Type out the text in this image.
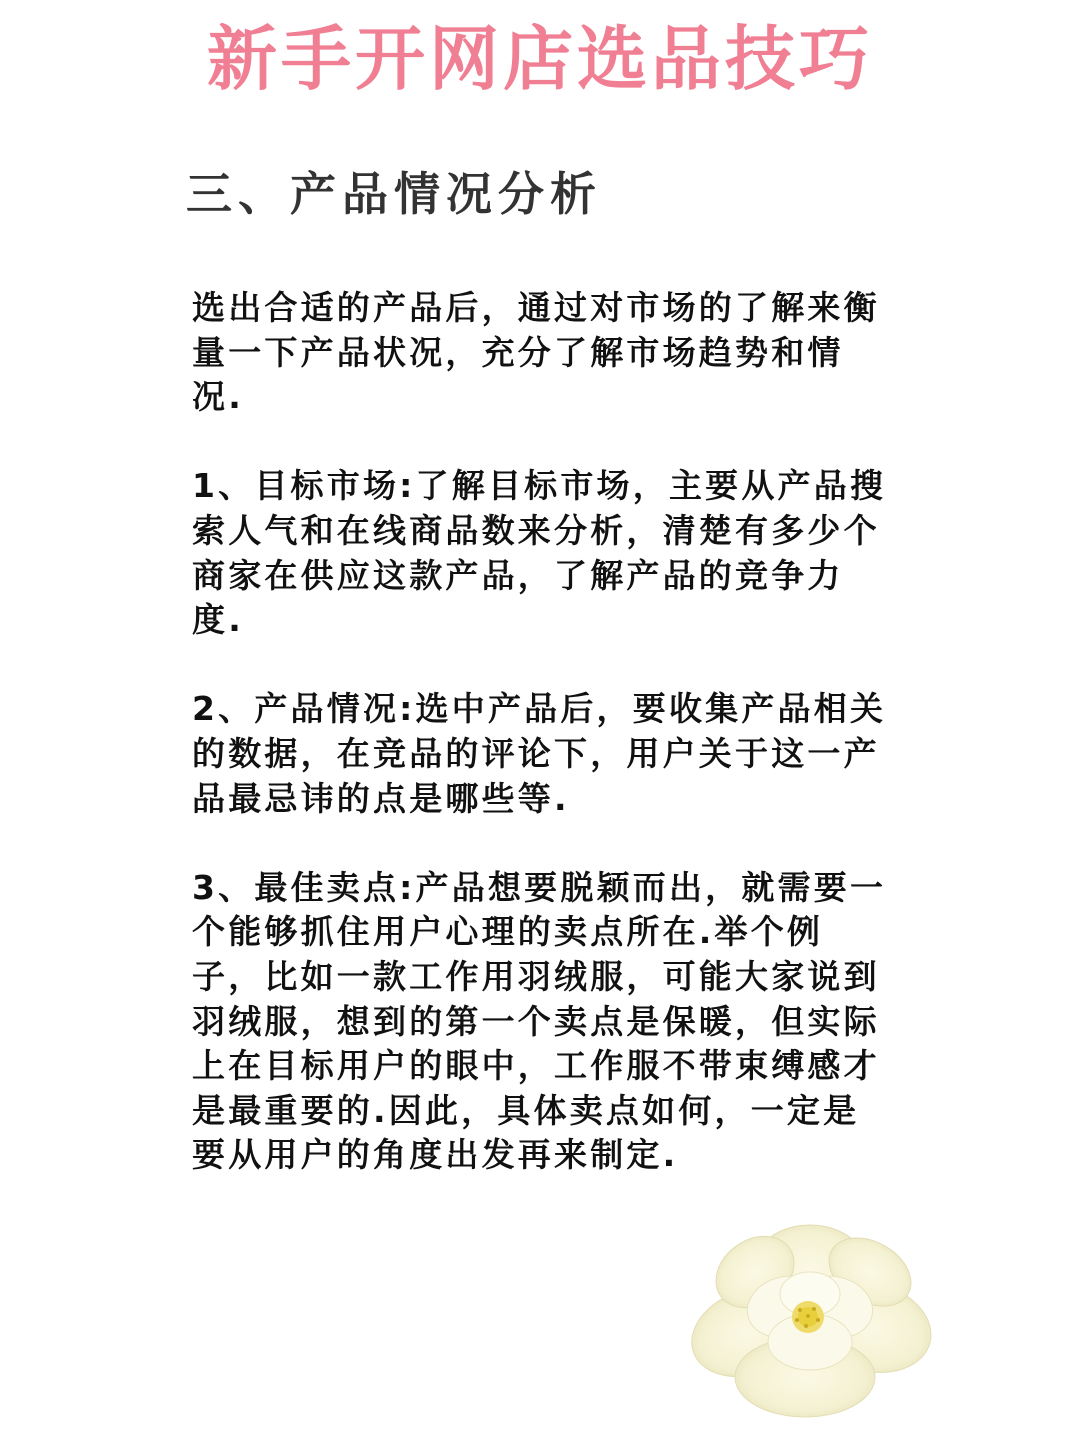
新手开网店选品技巧
三、产品情况分析

选出合适的产品后，通过对市场的了解来衡量一下产品状况，充分了解市场趋势和情况.

1、目标市场:了解目标市场，主要从产品搜索人气和在线商品数来分析，清楚有多少个商家在供应这款产品，了解产品的竞争力度.

2、产品情况:选中产品后，要收集产品相关的数据，在竞品的评论下，用户关于这一产品最忌讳的点是哪些等.

3、最佳卖点:产品想要脱颖而出，就需要一个能够抓住用户心理的卖点所在.举个例子，比如一款工作用羽绒服，可能大家说到羽绒服，想到的第一个卖点是保暖，但实际上在目标用户的眼中，工作服不带束缚感才是最重要的.因此，具体卖点如何，一定是要从用户的角度出发再来制定.
